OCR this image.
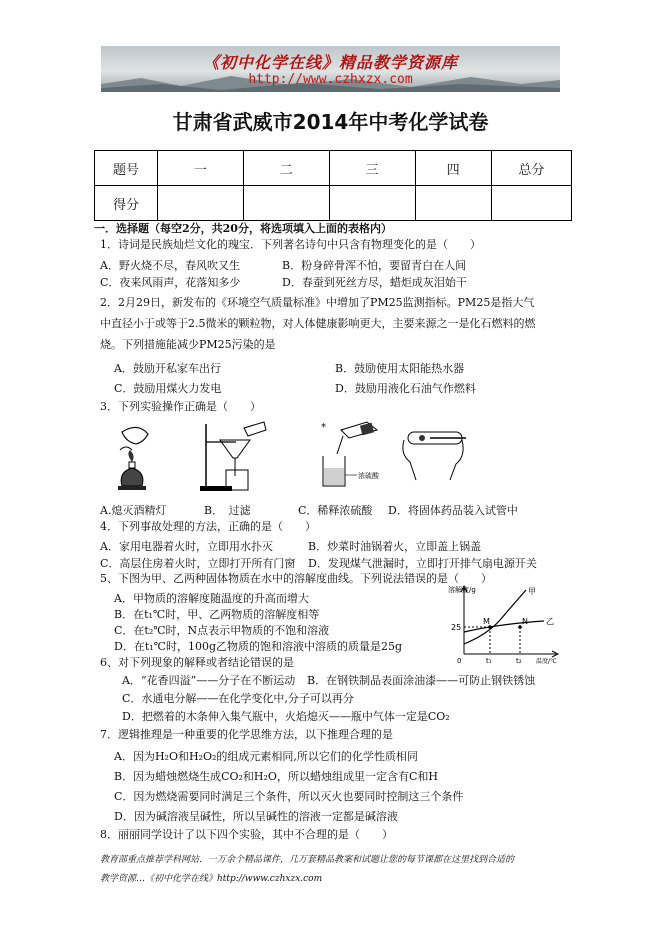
《初中化学在线》精品教学资源库
http://www.czhxzx.com
甘肃省武威市2014年中考化学试卷
题号	一	二	三	四	总分
得分					
一．选择题（每空2分，共20分，将选项填入上面的表格内）
1．诗词是民族灿烂文化的瑰宝．下列著名诗句中只含有物理变化的是（　　）
A．野火烧不尽，春风吹又生	B．粉身碎骨浑不怕，要留青白在人间
C．夜来风雨声，花落知多少	D．春蚕到死丝方尽，蜡炬成灰泪始干
2．2月29日，新发布的《环境空气质量标准》中增加了PM25监测指标。PM25是指大气
中直径小于或等于2.5微米的颗粒物，对人体健康影响更大，主要来源之一是化石燃料的燃
烧。下列措施能减少PM25污染的是
A．鼓励开私家车出行	B．鼓励使用太阳能热水器
C．鼓励用煤火力发电	D．鼓励用液化石油气作燃料
3．下列实验操作正确是（　　）
*
浓硫酸
A.熄灭酒精灯	B．　过滤	C．稀释浓硫酸 D．将固体药品装入试管中
4．下列事故处理的方法，正确的是（　　）
A．家用电器着火时，立即用水扑灭	B．炒菜时油锅着火，立即盖上锅盖
C．高层住房着火时，立即打开所有门窗 D．发现煤气泄漏时，立即打开排气扇电源开关
5、下图为甲、乙两种固体物质在水中的溶解度曲线。下列说法错误的是（　　）
A．甲物质的溶解度随温度的升高而增大
B．在t₁℃时，甲、乙两物质的溶解度相等
C．在t₂℃时，N点表示甲物质的不饱和溶液
D．在t₁℃时，100g乙物质的饱和溶液中溶质的质量是25g
溶解度/g
温度/℃
25
0	t₁	t₂
M	N
甲
乙
6、对下列现象的解释或者结论错误的是
A．“花香四溢”——分子在不断运动 B．在钢铁制品表面涂油漆——可防止钢铁锈蚀
C．水通电分解——在化学变化中,分子可以再分
D．把燃着的木条伸入集气瓶中，火焰熄灭——瓶中气体一定是CO₂
7．逻辑推理是一种重要的化学思维方法，以下推理合理的是
A．因为H₂O和H₂O₂的组成元素相同,所以它们的化学性质相同
B．因为蜡烛燃烧生成CO₂和H₂O，所以蜡烛组成里一定含有C和H
C．因为燃烧需要同时满足三个条件，所以灭火也要同时控制这三个条件
D．因为碱溶液呈碱性，所以呈碱性的溶液一定都是碱溶液
8．丽丽同学设计了以下四个实验，其中不合理的是（　　）
教育部重点推荐学科网站．一万余个精品课件，几万套精品教案和试题让您的每节课都在这里找到合适的
教学资源…《初中化学在线》http://www.czhxzx.com
